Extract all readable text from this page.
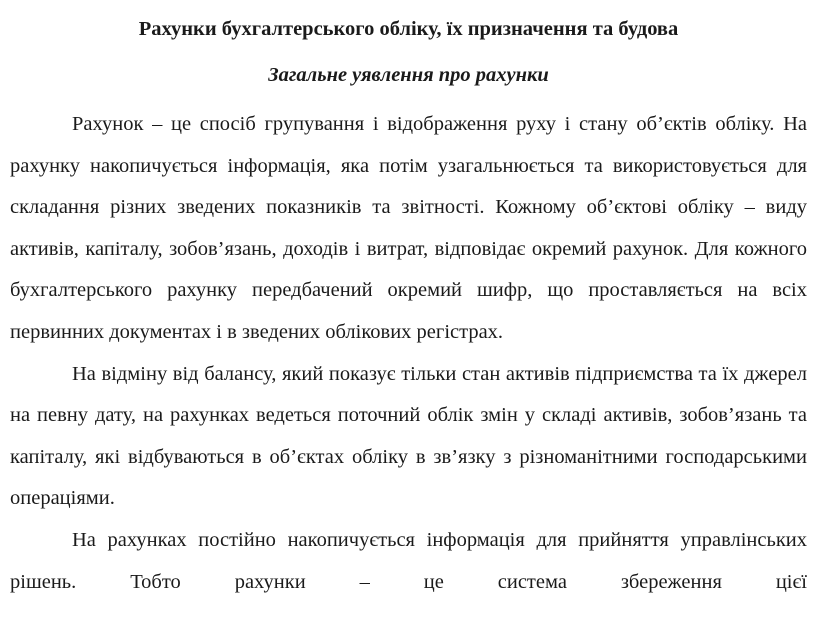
Рахунки бухгалтерського обліку, їх призначення та будова
Загальне уявлення про рахунки

Рахунок – це спосіб групування і відображення руху і стану об’єктів обліку. На рахунку накопичується інформація, яка потім узагальнюється та використовується для складання різних зведених показників та звітності. Кожному об’єктові обліку – виду активів, капіталу, зобов’язань, доходів і витрат, відповідає окремий рахунок. Для кожного бухгалтерського рахунку передбачений окремий шифр, що проставляється на всіх первинних документах і в зведених облікових регістрах.

На відміну від балансу, який показує тільки стан активів підприємства та їх джерел на певну дату, на рахунках ведеться поточний облік змін у складі активів, зобов’язань та капіталу, які відбуваються в об’єктах обліку в зв’язку з різноманітними господарськими операціями.

На рахунках постійно накопичується інформація для прийняття управлінських рішень. Тобто рахунки – це система збереження цієї
